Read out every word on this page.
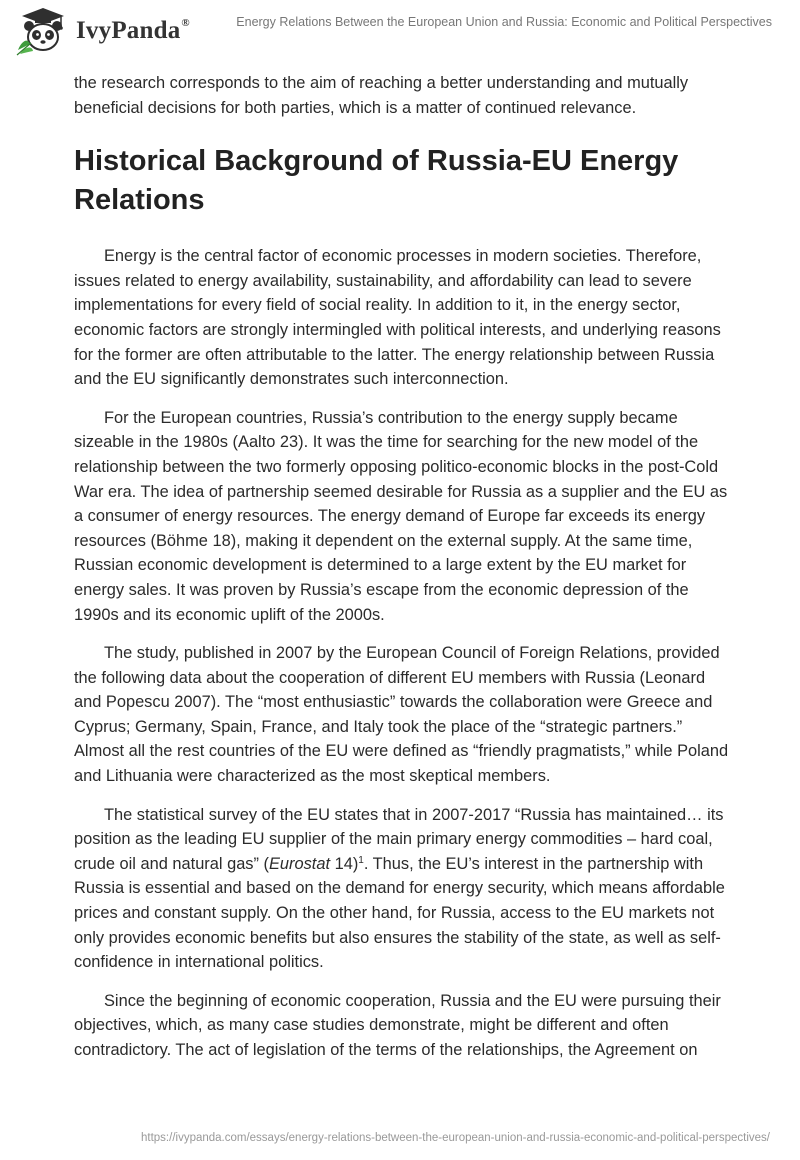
IvyPanda®	Energy Relations Between the European Union and Russia: Economic and Political Perspectives

the research corresponds to the aim of reaching a better understanding and mutually beneficial decisions for both parties, which is a matter of continued relevance.

Historical Background of Russia-EU Energy Relations

Energy is the central factor of economic processes in modern societies. Therefore, issues related to energy availability, sustainability, and affordability can lead to severe implementations for every field of social reality. In addition to it, in the energy sector, economic factors are strongly intermingled with political interests, and underlying reasons for the former are often attributable to the latter. The energy relationship between Russia and the EU significantly demonstrates such interconnection.

For the European countries, Russia’s contribution to the energy supply became sizeable in the 1980s (Aalto 23). It was the time for searching for the new model of the relationship between the two formerly opposing politico-economic blocks in the post-Cold War era. The idea of partnership seemed desirable for Russia as a supplier and the EU as a consumer of energy resources. The energy demand of Europe far exceeds its energy resources (Böhme 18), making it dependent on the external supply. At the same time, Russian economic development is determined to a large extent by the EU market for energy sales. It was proven by Russia’s escape from the economic depression of the 1990s and its economic uplift of the 2000s.

The study, published in 2007 by the European Council of Foreign Relations, provided the following data about the cooperation of different EU members with Russia (Leonard and Popescu 2007). The “most enthusiastic” towards the collaboration were Greece and Cyprus; Germany, Spain, France, and Italy took the place of the “strategic partners.” Almost all the rest countries of the EU were defined as “friendly pragmatists,” while Poland and Lithuania were characterized as the most skeptical members.

The statistical survey of the EU states that in 2007-2017 “Russia has maintained… its position as the leading EU supplier of the main primary energy commodities – hard coal, crude oil and natural gas” (Eurostat 14)$^1$. Thus, the EU’s interest in the partnership with Russia is essential and based on the demand for energy security, which means affordable prices and constant supply. On the other hand, for Russia, access to the EU markets not only provides economic benefits but also ensures the stability of the state, as well as self-confidence in international politics.

Since the beginning of economic cooperation, Russia and the EU were pursuing their objectives, which, as many case studies demonstrate, might be different and often contradictory. The act of legislation of the terms of the relationships, the Agreement on

https://ivypanda.com/essays/energy-relations-between-the-european-union-and-russia-economic-and-political-perspectives/
